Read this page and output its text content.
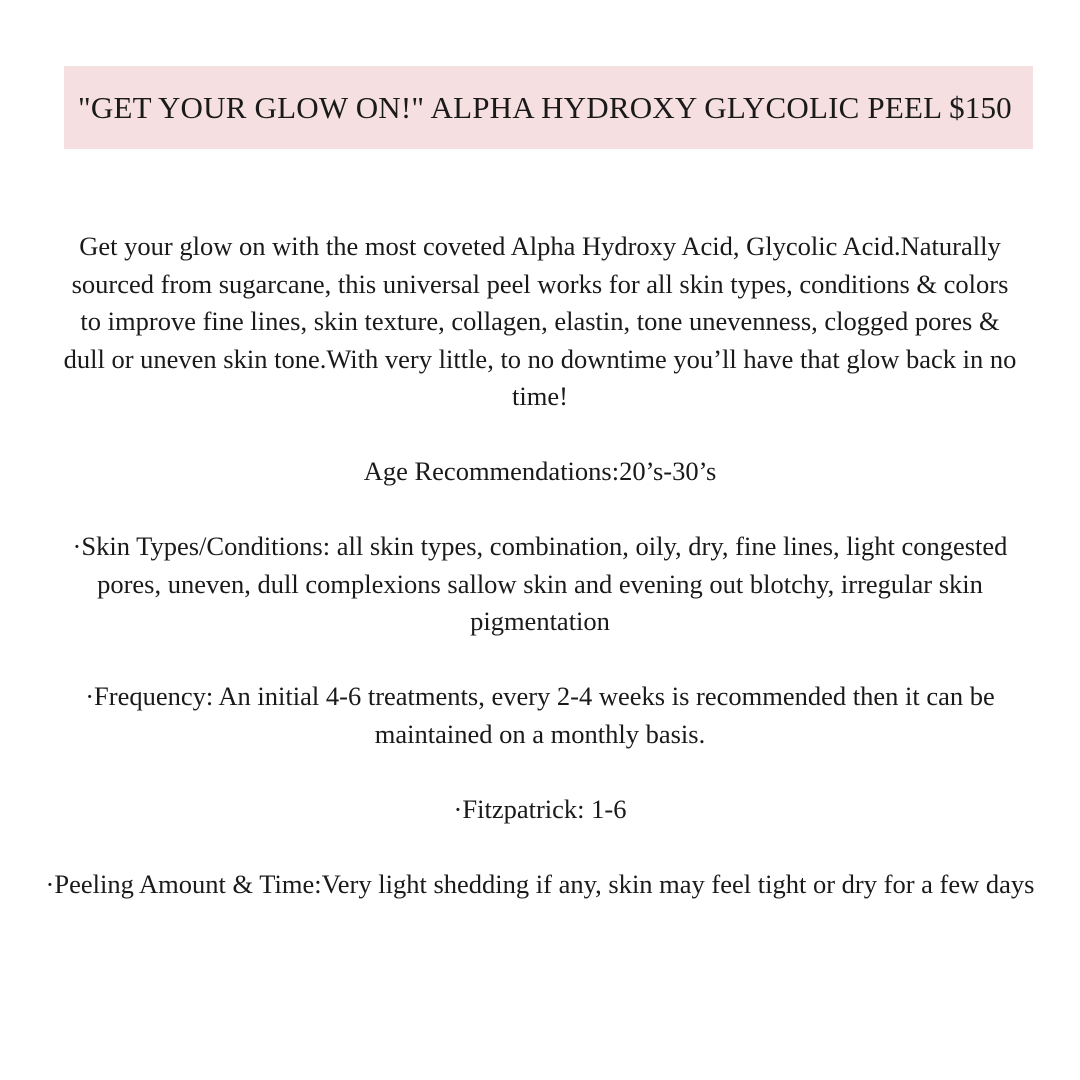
"GET YOUR GLOW ON!" ALPHA HYDROXY GLYCOLIC PEEL $150

Get your glow on with the most coveted Alpha Hydroxy Acid, Glycolic Acid.Naturally sourced from sugarcane, this universal peel works for all skin types, conditions & colors to improve fine lines, skin texture, collagen, elastin, tone unevenness, clogged pores & dull or uneven skin tone.With very little, to no downtime you’ll have that glow back in no time!

Age Recommendations:20’s-30’s

·Skin Types/Conditions: all skin types, combination, oily, dry, fine lines, light congested pores, uneven, dull complexions sallow skin and evening out blotchy, irregular skin pigmentation

·Frequency: An initial 4-6 treatments, every 2-4 weeks is recommended then it can be maintained on a monthly basis.

·Fitzpatrick: 1-6

·Peeling Amount & Time:Very light shedding if any, skin may feel tight or dry for a few days
